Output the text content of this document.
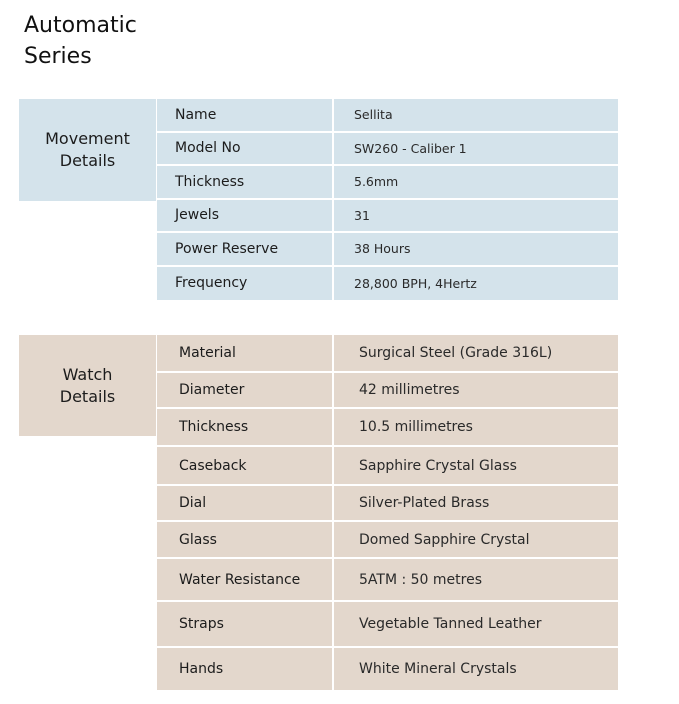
Automatic
Series
Movement
Details
Name	Sellita
Model No	SW260 - Caliber 1
Thickness	5.6mm
Jewels	31
Power Reserve	38 Hours
Frequency	28,800 BPH, 4Hertz
Watch
Details
Material	Surgical Steel (Grade 316L)
Diameter	42 millimetres
Thickness	10.5 millimetres
Caseback	Sapphire Crystal Glass
Dial	Silver-Plated Brass
Glass	Domed Sapphire Crystal
Water Resistance	5ATM : 50 metres
Straps	Vegetable Tanned Leather
Hands	White Mineral Crystals
